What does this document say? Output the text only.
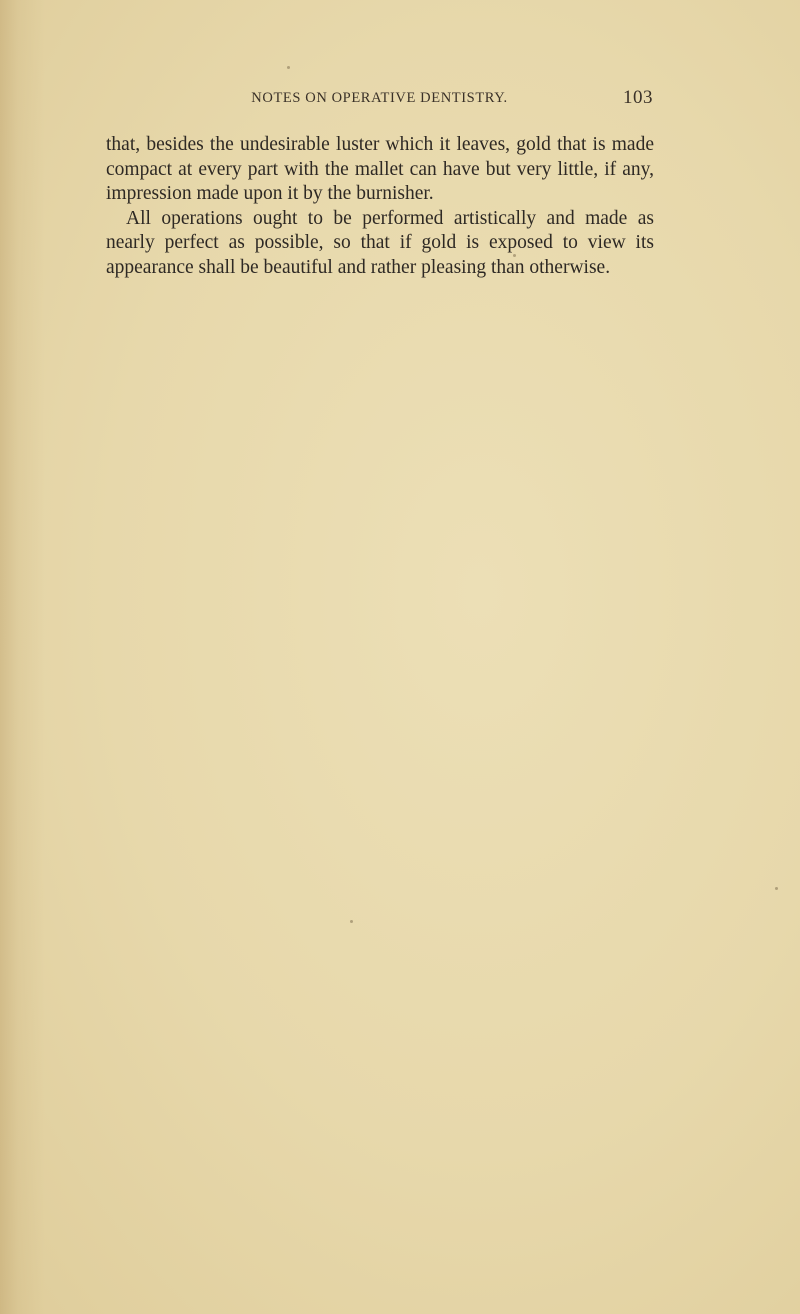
NOTES ON OPERATIVE DENTISTRY.	103

that, besides the undesirable luster which it leaves, gold that is made compact at every part with the mallet can have but very little, if any, impression made upon it by the burnisher.

All operations ought to be performed artistically and made as nearly perfect as possible, so that if gold is exposed to view its appearance shall be beautiful and rather pleasing than otherwise.
